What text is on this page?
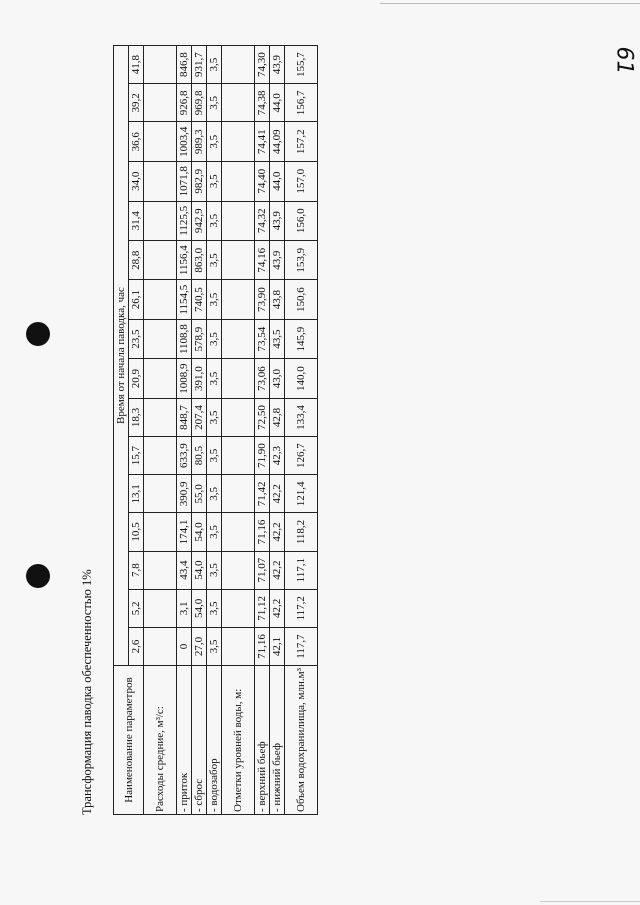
61
Трансформация паводка обеспеченностью 1%	Наименование параметров	Время от начала паводка, час															
	2,6	5,2	7,8	10,5	13,1	15,7	18,3	20,9	23,5	26,1	28,8	31,4	34,0	36,6	39,2	41,8
Расходы средние, м³/с:																
- приток	0	3,1	43,4	174,1	390,9	633,9	848,7	1008,9	1108,8	1154,5	1156,4	1125,5	1071,8	1003,4	926,8	846,8
- сброс	27,0	54,0	54,0	54,0	55,0	80,5	207,4	391,0	578,9	740,5	863,0	942,9	982,9	989,3	969,8	931,7
- водозабор	3,5	3,5	3,5	3,5	3,5	3,5	3,5	3,5	3,5	3,5	3,5	3,5	3,5	3,5	3,5	3,5
Отметки уровней воды, м:																
- верхний бьеф	71,16	71,12	71,07	71,16	71,42	71,90	72,50	73,06	73,54	73,90	74,16	74,32	74,40	74,41	74,38	74,30
- нижний бьеф	42,1	42,2	42,2	42,2	42,2	42,3	42,8	43,0	43,5	43,8	43,9	43,9	44,0	44,09	44,0	43,9
Объем водохранилища, млн.м³	117,7	117,2	117,1	118,2	121,4	126,7	133,4	140,0	145,9	150,6	153,9	156,0	157,0	157,2	156,7	155,7
